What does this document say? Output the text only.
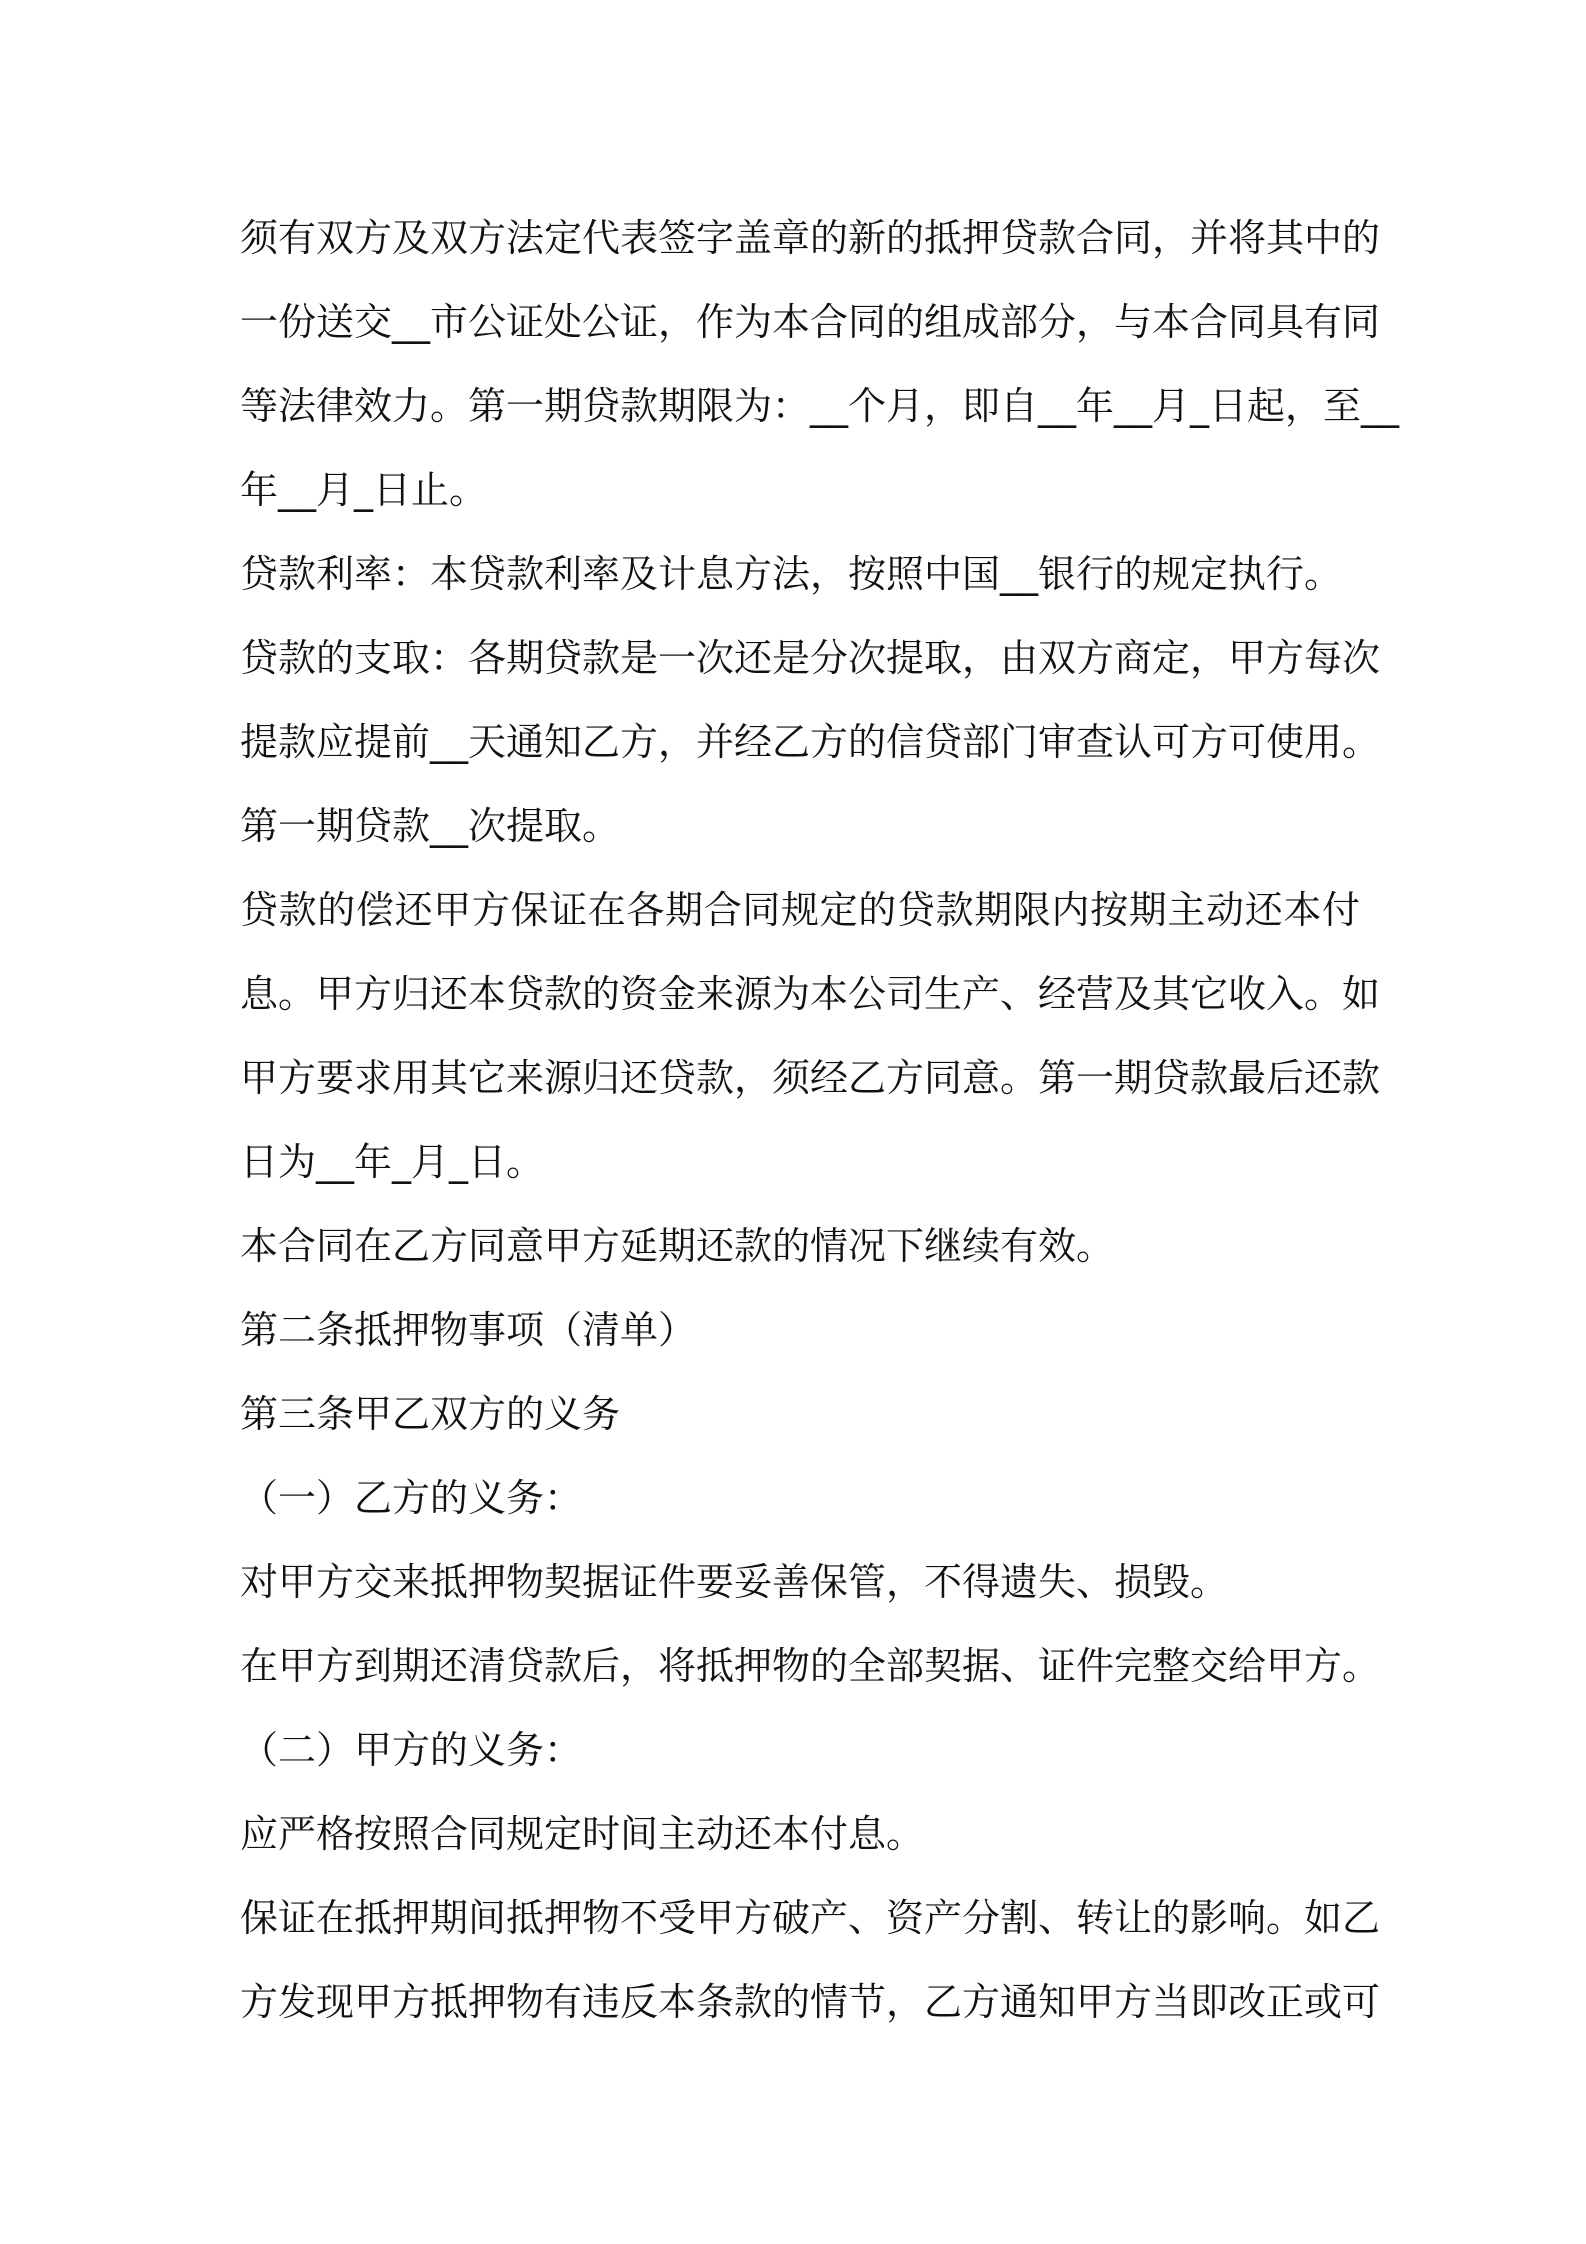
须有双方及双方法定代表签字盖章的新的抵押贷款合同，并将其中的
一份送交__市公证处公证，作为本合同的组成部分，与本合同具有同
等法律效力。第一期贷款期限为：__个月，即自__年__月_日起，至__
年__月_日止。
贷款利率：本贷款利率及计息方法，按照中国__银行的规定执行。
贷款的支取：各期贷款是一次还是分次提取，由双方商定，甲方每次
提款应提前__天通知乙方，并经乙方的信贷部门审查认可方可使用。
第一期贷款__次提取。
贷款的偿还甲方保证在各期合同规定的贷款期限内按期主动还本付
息。甲方归还本贷款的资金来源为本公司生产、经营及其它收入。如
甲方要求用其它来源归还贷款，须经乙方同意。第一期贷款最后还款
日为__年_月_日。
本合同在乙方同意甲方延期还款的情况下继续有效。
第二条抵押物事项（清单）
第三条甲乙双方的义务
（一）乙方的义务：
对甲方交来抵押物契据证件要妥善保管，不得遗失、损毁。
在甲方到期还清贷款后，将抵押物的全部契据、证件完整交给甲方。
（二）甲方的义务：
应严格按照合同规定时间主动还本付息。
保证在抵押期间抵押物不受甲方破产、资产分割、转让的影响。如乙
方发现甲方抵押物有违反本条款的情节，乙方通知甲方当即改正或可
